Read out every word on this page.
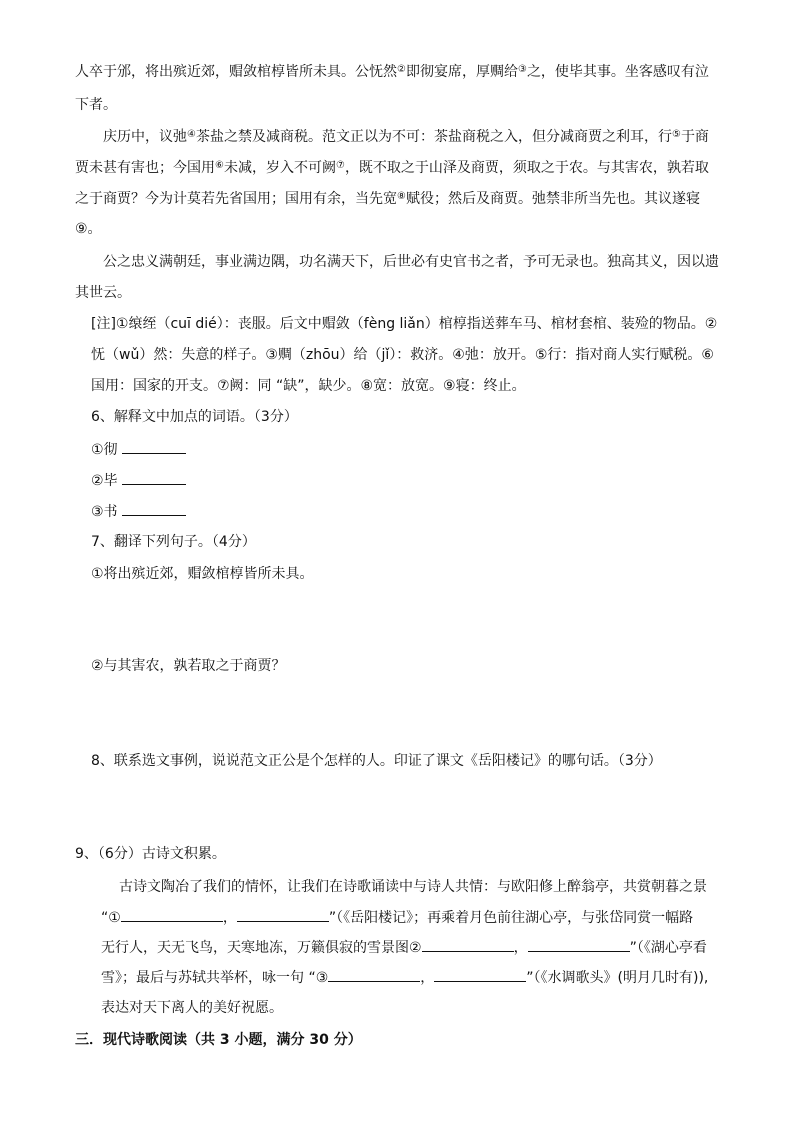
人卒于邠，将出殡近郊，赗敛棺椁皆所未具。公怃然②即彻宴席，厚赒给③之，使毕其事。坐客感叹有泣
下者。
庆历中，议弛④茶盐之禁及减商税。范文正以为不可：茶盐商税之入，但分减商贾之利耳，行⑤于商
贾未甚有害也；今国用⑥未减，岁入不可阙⑦，既不取之于山泽及商贾，须取之于农。与其害农，孰若取
之于商贾？今为计莫若先省国用；国用有余，当先宽⑧赋役；然后及商贾。弛禁非所当先也。其议遂寝
⑨。
公之忠义满朝廷，事业满边隅，功名满天下，后世必有史官书之者，予可无录也。独高其义，因以遗
其世云。
[注]①缞绖（cuī dié）：丧服。后文中赗敛（fèng liǎn）棺椁指送葬车马、棺材套棺、装殓的物品。②
怃（wǔ）然：失意的样子。③赒（zhōu）给（jǐ）：救济。④弛：放开。⑤行：指对商人实行赋税。⑥
国用：国家的开支。⑦阙：同 “缺”，缺少。⑧宽：放宽。⑨寝：终止。
6、解释文中加点的词语。（3分）
①彻
②毕
③书
7、翻译下列句子。（4分）
①将出殡近郊，赗敛棺椁皆所未具。
②与其害农，孰若取之于商贾？
8、联系选文事例，说说范文正公是个怎样的人。印证了课文《岳阳楼记》的哪句话。（3分）
9、（6分）古诗文积累。
古诗文陶冶了我们的情怀，让我们在诗歌诵读中与诗人共情：与欧阳修上醉翁亭，共赏朝暮之景
“①	，	”（《岳阳楼记》；再乘着月色前往湖心亭，与张岱同赏一幅路
无行人，天无飞鸟，天寒地冻，万籁俱寂的雪景图②	，	”（《湖心亭看
雪》；最后与苏轼共举杯，咏一句 “③	，	”（《水调歌头》(明月几时有)),
表达对天下离人的美好祝愿。
三．现代诗歌阅读（共 3 小题，满分 30 分）
